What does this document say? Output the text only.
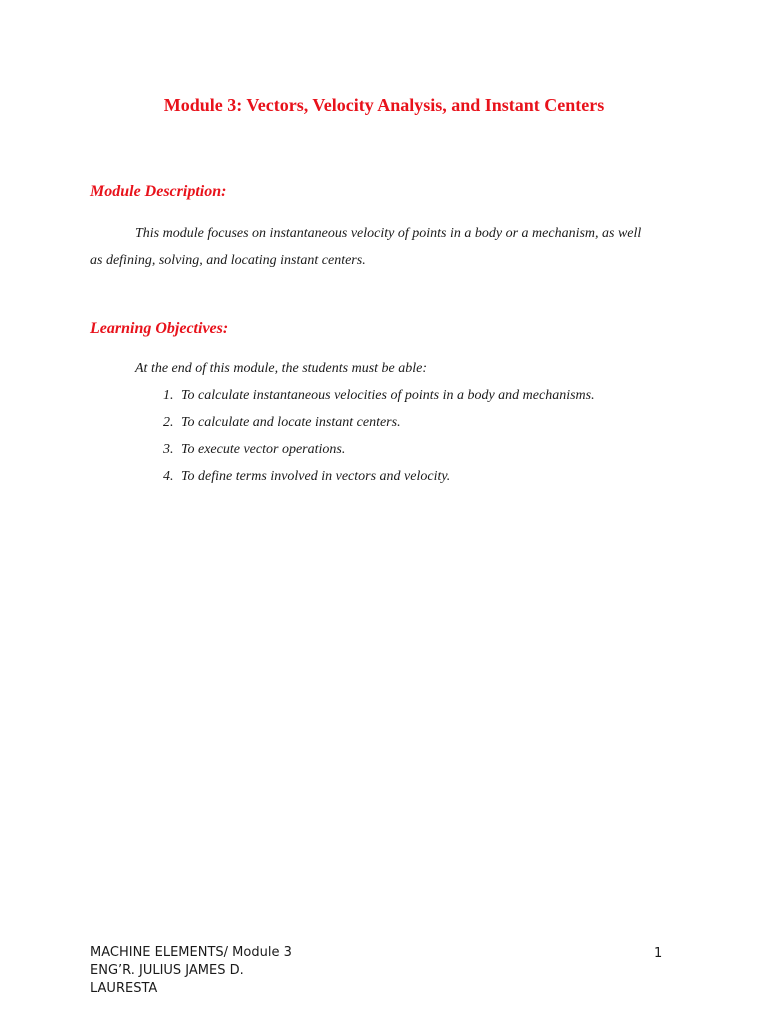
Module 3: Vectors, Velocity Analysis, and Instant Centers
Module Description:

This module focuses on instantaneous velocity of points in a body or a mechanism, as well as defining, solving, and locating instant centers.

Learning Objectives:

At the end of this module, the students must be able:

1. To calculate instantaneous velocities of points in a body and mechanisms.
2. To calculate and locate instant centers.
3. To execute vector operations.
4. To define terms involved in vectors and velocity.
MACHINE ELEMENTS/ Module 3
ENG’R. JULIUS JAMES D.
LAURESTA
1
